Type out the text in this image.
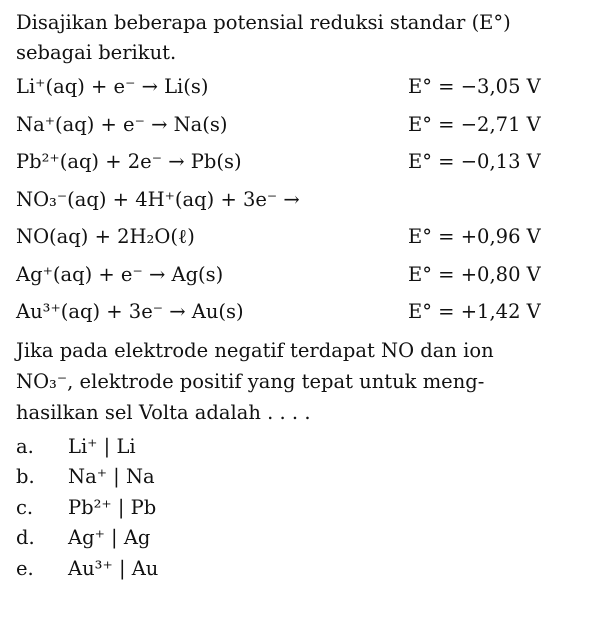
Disajikan beberapa potensial reduksi standar (E°)
sebagai berikut.
Li⁺(aq) + e⁻ → Li(s)	E° = −3,05 V
Na⁺(aq) + e⁻ → Na(s)	E° = −2,71 V
Pb²⁺(aq) + 2e⁻ → Pb(s)	E° = −0,13 V
NO₃⁻(aq) + 4H⁺(aq) + 3e⁻ →
NO(aq) + 2H₂O(ℓ)	E° = +0,96 V
Ag⁺(aq) + e⁻ → Ag(s)	E° = +0,80 V
Au³⁺(aq) + 3e⁻ → Au(s)	E° = +1,42 V
Jika pada elektrode negatif terdapat NO dan ion
NO₃⁻, elektrode positif yang tepat untuk meng-
hasilkan sel Volta adalah . . . .
a. Li⁺ | Li
b. Na⁺ | Na
c. Pb²⁺ | Pb
d. Ag⁺ | Ag
e. Au³⁺ | Au
